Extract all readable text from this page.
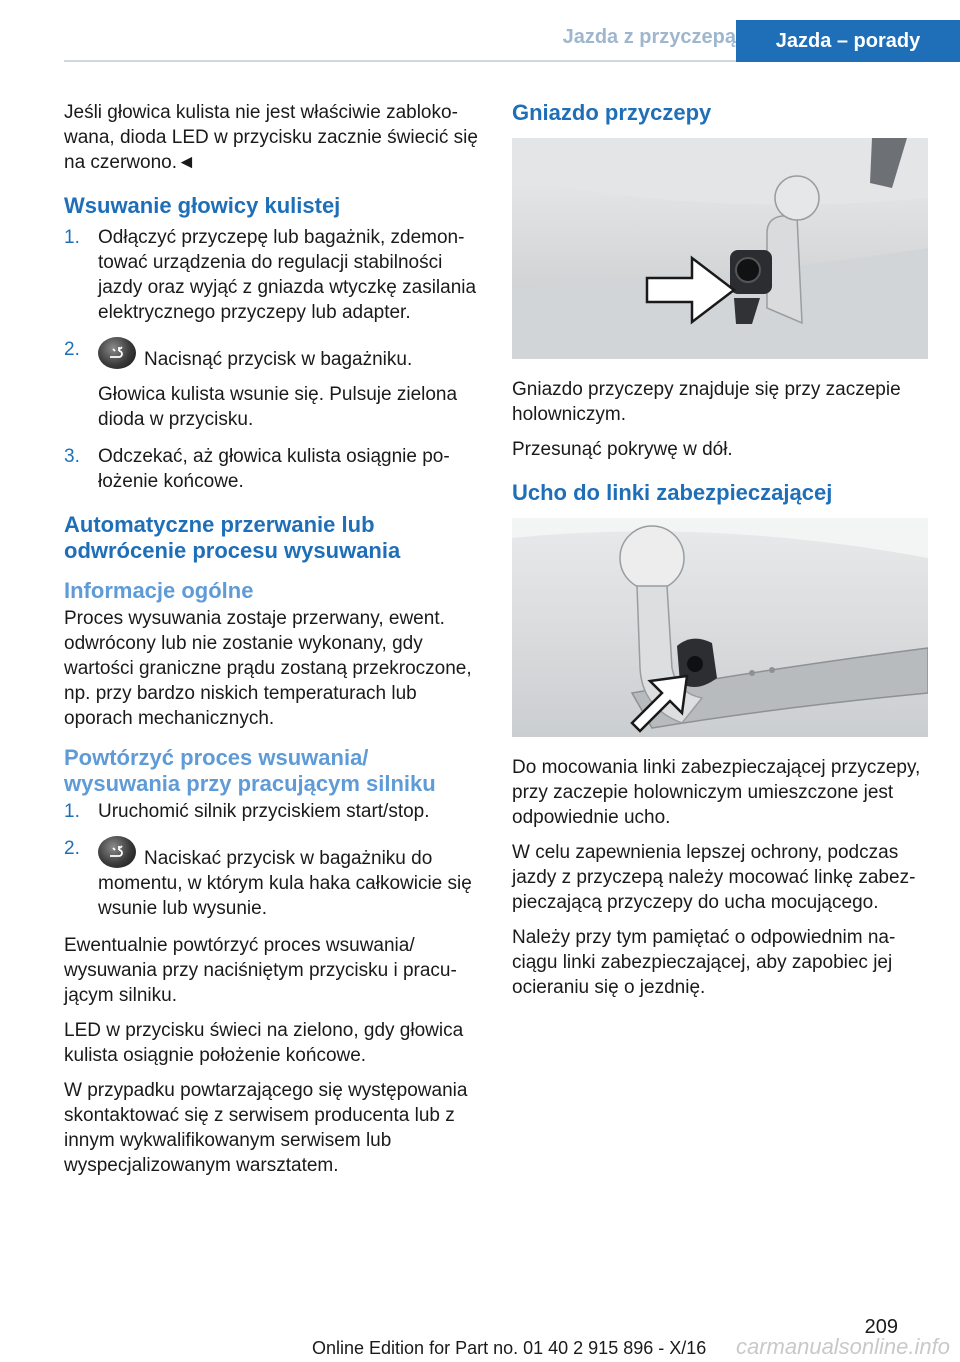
Jazda z przyczepą	Jazda – porady

Jeśli głowica kulista nie jest właściwie zablokowana, dioda LED w przycisku zacznie świecić się na czerwono.◄

Wsuwanie głowicy kulistej
1. Odłączyć przyczepę lub bagażnik, zdemontować urządzenia do regulacji stabilności jazdy oraz wyjąć z gniazda wtyczkę zasilania elektrycznego przyczepy lub adapter.
2.	Nacisnąć przycisk w bagażniku.
Głowica kulista wsunie się. Pulsuje zielona dioda w przycisku.
3. Odczekać, aż głowica kulista osiągnie położenie końcowe.
Automatyczne przerwanie lub odwrócenie procesu wysuwania
Informacje ogólne

Proces wysuwania zostaje przerwany, ewent. odwrócony lub nie zostanie wykonany, gdy wartości graniczne prądu zostaną przekroczone, np. przy bardzo niskich temperaturach lub oporach mechanicznych.

Powtórzyć proces wsuwania/ wysuwania przy pracującym silniku
1. Uruchomić silnik przyciskiem start/stop.
2.	Naciskać przycisk w bagażniku do momentu, w którym kula haka całkowicie się wsunie lub wysunie.

Ewentualnie powtórzyć proces wsuwania/ wysuwania przy naciśniętym przycisku i pracującym silniku.

LED w przycisku świeci na zielono, gdy głowica kulista osiągnie położenie końcowe.

W przypadku powtarzającego się występowania skontaktować się z serwisem producenta lub z innym wykwalifikowanym serwisem lub wyspecjalizowanym warsztatem.

Gniazdo przyczepy

Gniazdo przyczepy znajduje się przy zaczepie holowniczym.

Przesunąć pokrywę w dół.

Ucho do linki zabezpieczającej

Do mocowania linki zabezpieczającej przyczepy, przy zaczepie holowniczym umieszczone jest odpowiednie ucho.

W celu zapewnienia lepszej ochrony, podczas jazdy z przyczepą należy mocować linkę zabezpieczającą przyczepy do ucha mocującego.

Należy przy tym pamiętać o odpowiednim naciągu linki zabezpieczającej, aby zapobiec jej ocieraniu się o jezdnię.

209
carmanualsonline.info
Online Edition for Part no. 01 40 2 915 896 - X/16
